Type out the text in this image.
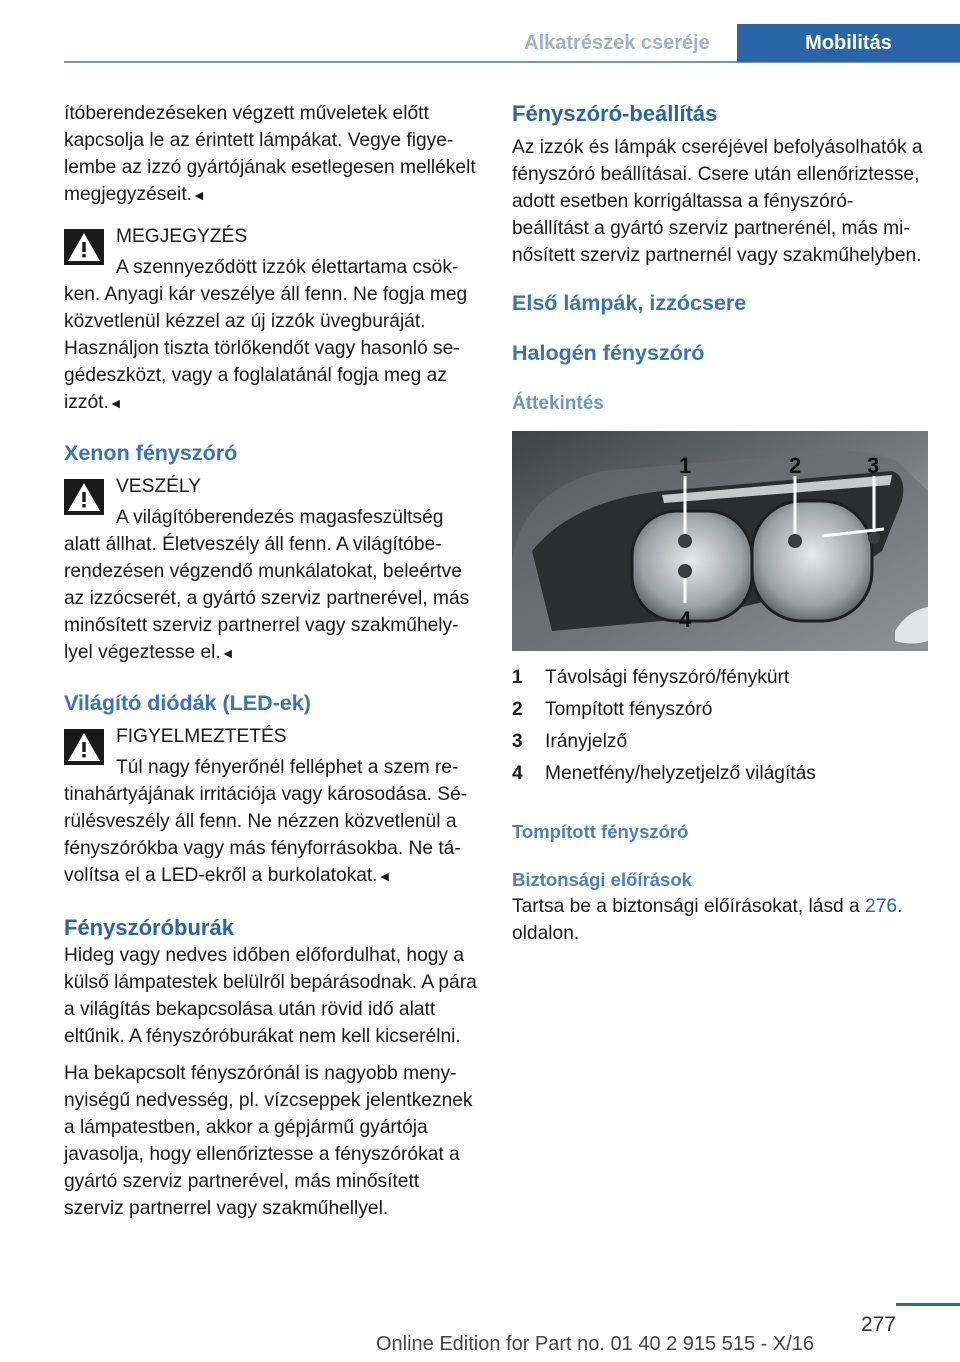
Alkatrészek cseréje	Mobilitás

ítóberendezéseken végzett műveletek előtt kapcsolja le az érintett lámpákat. Vegye figyelembe az izzó gyártójának esetlegesen mellékelt megjegyzéseit.◄

MEGJEGYZÉS

A szennyeződött izzók élettartama csök-

ken. Anyagi kár veszélye áll fenn. Ne fogja meg közvetlenül kézzel az új izzók üvegburáját. Használjon tiszta törlőkendőt vagy hasonló segédeszközt, vagy a foglalatánál fogja meg az izzót.◄

Xenon fényszóró

VESZÉLY

A világítóberendezés magasfeszültség

alatt állhat. Életveszély áll fenn. A világítóberendezésen végzendő munkálatokat, beleértve az izzócserét, a gyártó szerviz partnerével, más minősített szerviz partnerrel vagy szakműhelylyel végeztesse el.◄

Világító diódák (LED-ek)

FIGYELMEZTETÉS

Túl nagy fényerőnél felléphet a szem re-

tinahártyájának irritációja vagy károsodása. Sérülésveszély áll fenn. Ne nézzen közvetlenül a fényszórókba vagy más fényforrásokba. Ne távolítsa el a LED-ekről a burkolatokat.◄

Fényszóróburák

Hideg vagy nedves időben előfordulhat, hogy a külső lámpatestek belülről bepárásodnak. A pára a világítás bekapcsolása után rövid idő alatt eltűnik. A fényszóróburákat nem kell kicserélni.

Ha bekapcsolt fényszórónál is nagyobb menynyiségű nedvesség, pl. vízcseppek jelentkeznek a lámpatestben, akkor a gépjármű gyártója javasolja, hogy ellenőriztesse a fényszórókat a gyártó szerviz partnerével, más minősített szerviz partnerrel vagy szakműhellyel.

Fényszóró-beállítás

Az izzók és lámpák cseréjével befolyásolhatók a fényszóró beállításai. Csere után ellenőriztesse, adott esetben korrigáltassa a fényszóró-beállítást a gyártó szerviz partnerénél, más minősített szerviz partnernél vagy szakműhelyben.

Első lámpák, izzócsere

Halogén fényszóró

Áttekintés

1	2	3
4
1	Távolsági fényszóró/fénykürt
2	Tompított fényszóró
3	Irányjelző
4	Menetfény/helyzetjelző világítás

Tompított fényszóró

Biztonsági előírások

Tartsa be a biztonsági előírásokat, lásd a 276. oldalon.

277
Online Edition for Part no. 01 40 2 915 515 - X/16
